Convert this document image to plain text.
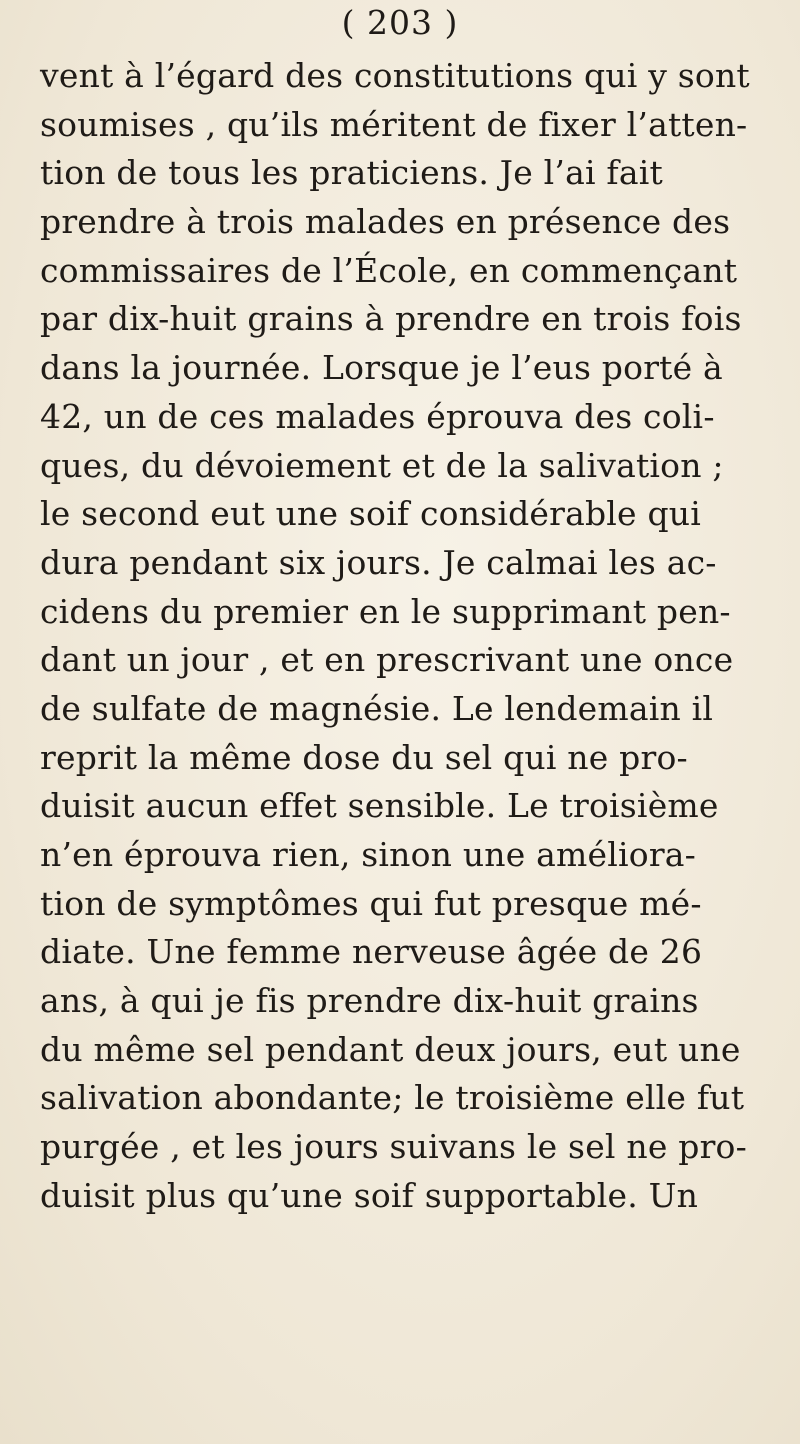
( 203 )
vent à l’égard des constitutions qui y sont
soumises , qu’ils méritent de fixer l’atten-
tion de tous les praticiens. Je l’ai fait
prendre à trois malades en présence des
commissaires de l’École, en commençant
par dix-huit grains à prendre en trois fois
dans la journée. Lorsque je l’eus porté à
42, un de ces malades éprouva des coli-
ques, du dévoiement et de la salivation ;
le second eut une soif considérable qui
dura pendant six jours. Je calmai les ac-
cidens du premier en le supprimant pen-
dant un jour , et en prescrivant une once
de sulfate de magnésie. Le lendemain il
reprit la même dose du sel qui ne pro-
duisit aucun effet sensible. Le troisième
n’en éprouva rien, sinon une améliora-
tion de symptômes qui fut presque mé-
diate. Une femme nerveuse âgée de 26
ans, à qui je fis prendre dix-huit grains
du même sel pendant deux jours, eut une
salivation abondante; le troisième elle fut
purgée , et les jours suivans le sel ne pro-
duisit plus qu’une soif supportable. Un
